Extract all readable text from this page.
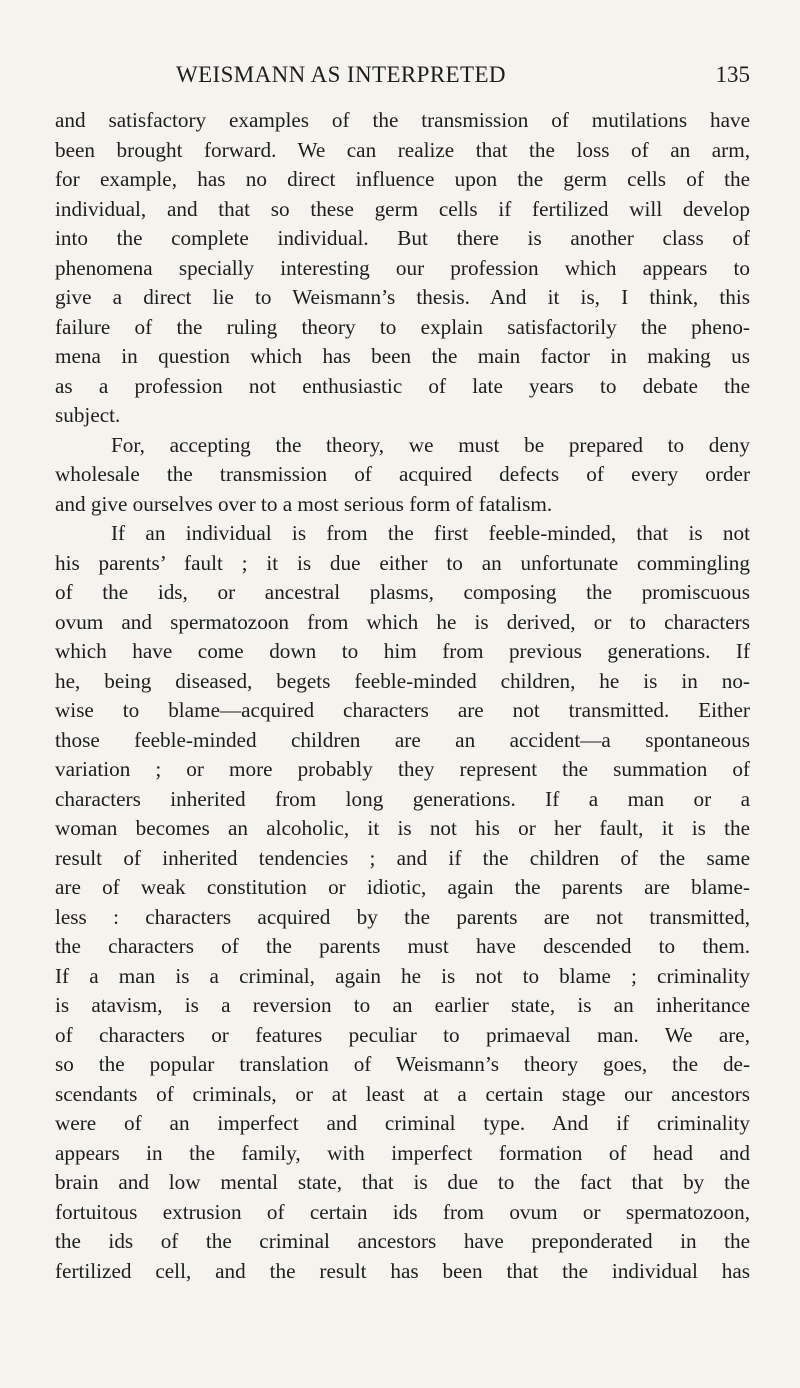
WEISMANN AS INTERPRETED	135
and satisfactory examples of the transmission of mutilations have
been brought forward. We can realize that the loss of an arm,
for example, has no direct influence upon the germ cells of the
individual, and that so these germ cells if fertilized will develop
into the complete individual. But there is another class of
phenomena specially interesting our profession which appears to
give a direct lie to Weismann’s thesis. And it is, I think, this
failure of the ruling theory to explain satisfactorily the pheno-
mena in question which has been the main factor in making us
as a profession not enthusiastic of late years to debate the
subject.
For, accepting the theory, we must be prepared to deny
wholesale the transmission of acquired defects of every order
and give ourselves over to a most serious form of fatalism.
If an individual is from the first feeble-minded, that is not
his parents’ fault ; it is due either to an unfortunate commingling
of the ids, or ancestral plasms, composing the promiscuous
ovum and spermatozoon from which he is derived, or to characters
which have come down to him from previous generations. If
he, being diseased, begets feeble-minded children, he is in no-
wise to blame—acquired characters are not transmitted. Either
those feeble-minded children are an accident—a spontaneous
variation ; or more probably they represent the summation of
characters inherited from long generations. If a man or a
woman becomes an alcoholic, it is not his or her fault, it is the
result of inherited tendencies ; and if the children of the same
are of weak constitution or idiotic, again the parents are blame-
less : characters acquired by the parents are not transmitted,
the characters of the parents must have descended to them.
If a man is a criminal, again he is not to blame ; criminality
is atavism, is a reversion to an earlier state, is an inheritance
of characters or features peculiar to primaeval man. We are,
so the popular translation of Weismann’s theory goes, the de-
scendants of criminals, or at least at a certain stage our ancestors
were of an imperfect and criminal type. And if criminality
appears in the family, with imperfect formation of head and
brain and low mental state, that is due to the fact that by the
fortuitous extrusion of certain ids from ovum or spermatozoon,
the ids of the criminal ancestors have preponderated in the
fertilized cell, and the result has been that the individual has
